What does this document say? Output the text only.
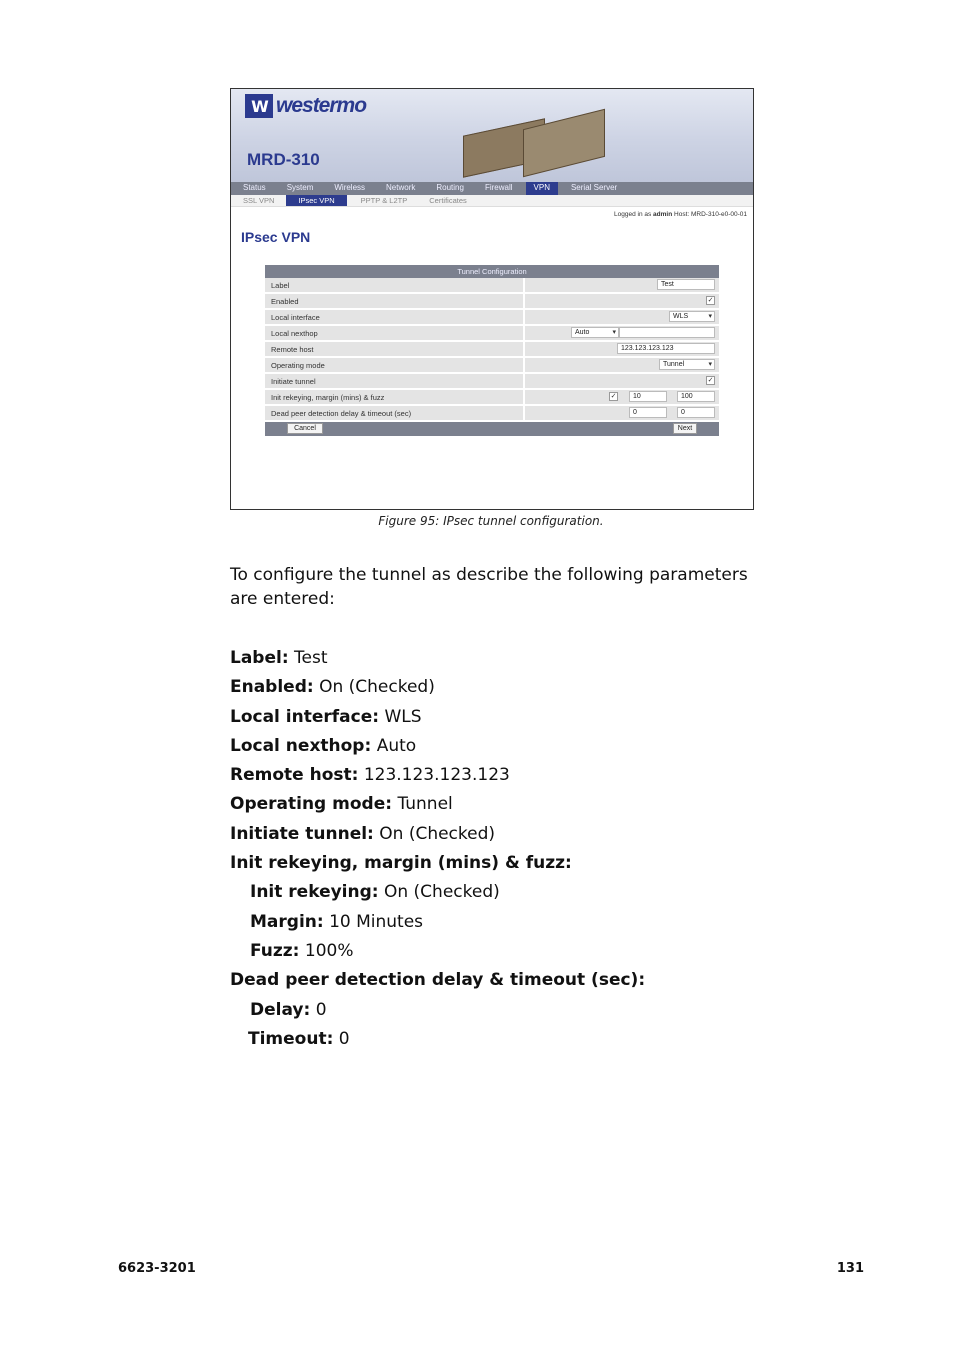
W westermo
MRD-310
Status	System	Wireless	Network	Routing	Firewall	VPN	Serial Server
SSL VPN	IPsec VPN	PPTP & L2TP	Certificates
Logged in as admin Host: MRD-310-e0-00-01
IPsec VPN
Tunnel Configuration	
Label	Test

Enabled	✓

Local interface	WLS ▾

Local nexthop	Auto ▾

Remote host	123.123.123.123

Operating mode	Tunnel ▾

Initiate tunnel	✓

Init rekeying, margin (mins) & fuzz	✓ 10 100

Dead peer detection delay & timeout (sec)	0 0

Cancel Next	
Figure 95: IPsec tunnel configuration.
To configure the tunnel as describe the following parameters are entered:
Label: Test
Enabled: On (Checked)
Local interface: WLS
Local nexthop: Auto
Remote host: 123.123.123.123
Operating mode: Tunnel
Initiate tunnel: On (Checked)
Init rekeying, margin (mins) & fuzz:
Init rekeying: On (Checked)
Margin: 10 Minutes
Fuzz: 100%
Dead peer detection delay & timeout (sec):
Delay: 0
Timeout: 0
6623-3201	131
